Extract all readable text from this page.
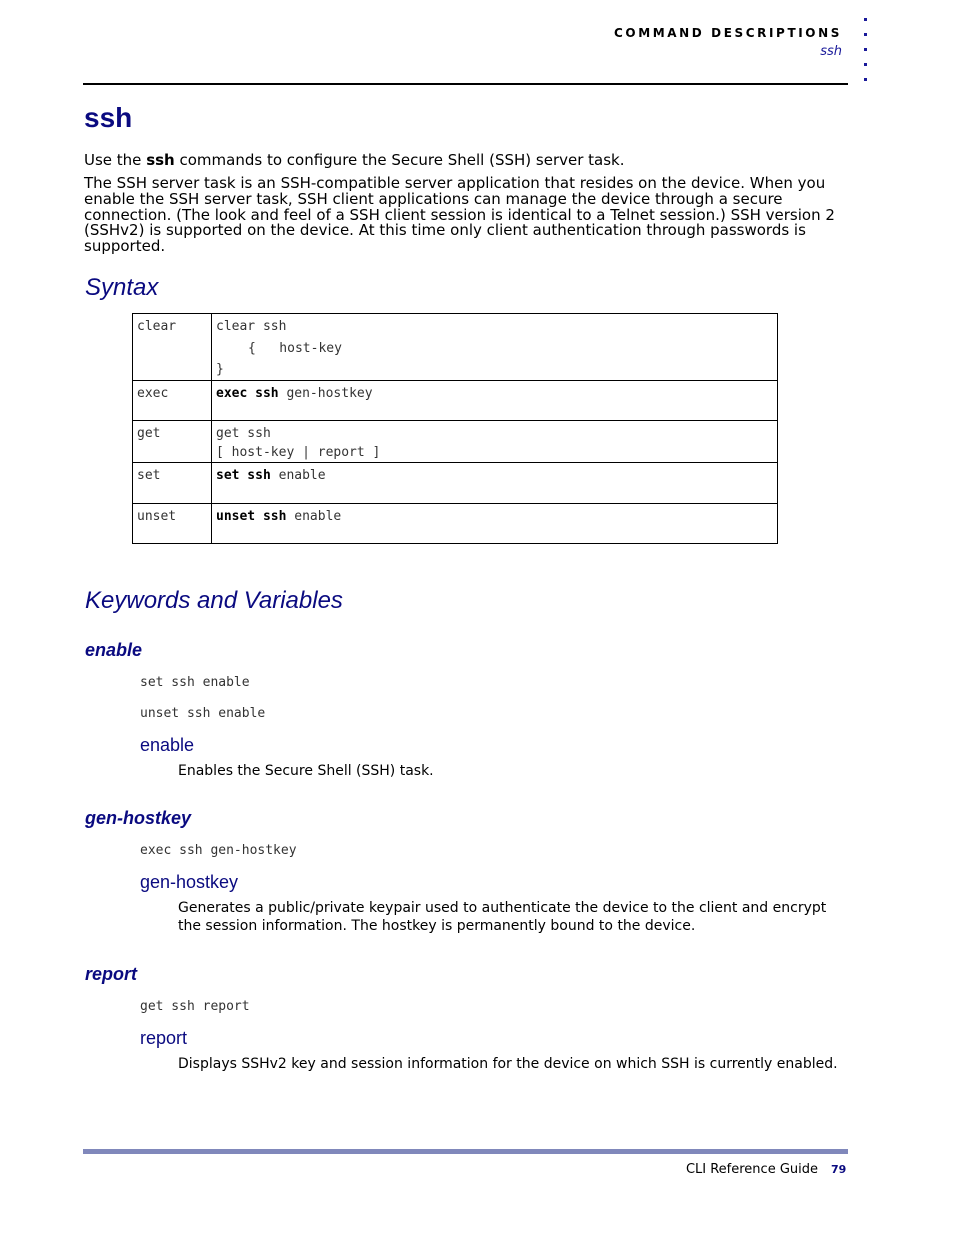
COMMAND DESCRIPTIONS
ssh
ssh
Use the ssh commands to configure the Secure Shell (SSH) server task.
The SSH server task is an SSH-compatible server application that resides on the device. When you enable the SSH server task, SSH client applications can manage the device through a secure connection. (The look and feel of a SSH client session is identical to a Telnet session.) SSH version 2 (SSHv2) is supported on the device. At this time only client authentication through passwords is supported.
Syntax
clear	clear ssh
{   host-key
}

exec	exec ssh gen-hostkey
get	get ssh
[ host-key | report ]

set	set ssh enable
unset	unset ssh enable
Keywords and Variables
enable
set ssh enable
unset ssh enable
enable
Enables the Secure Shell (SSH) task.
gen-hostkey
exec ssh gen-hostkey
gen-hostkey
Generates a public/private keypair used to authenticate the device to the client and encrypt the session information. The hostkey is permanently bound to the device.
report
get ssh report
report
Displays SSHv2 key and session information for the device on which SSH is currently enabled.
CLI Reference Guide 79
